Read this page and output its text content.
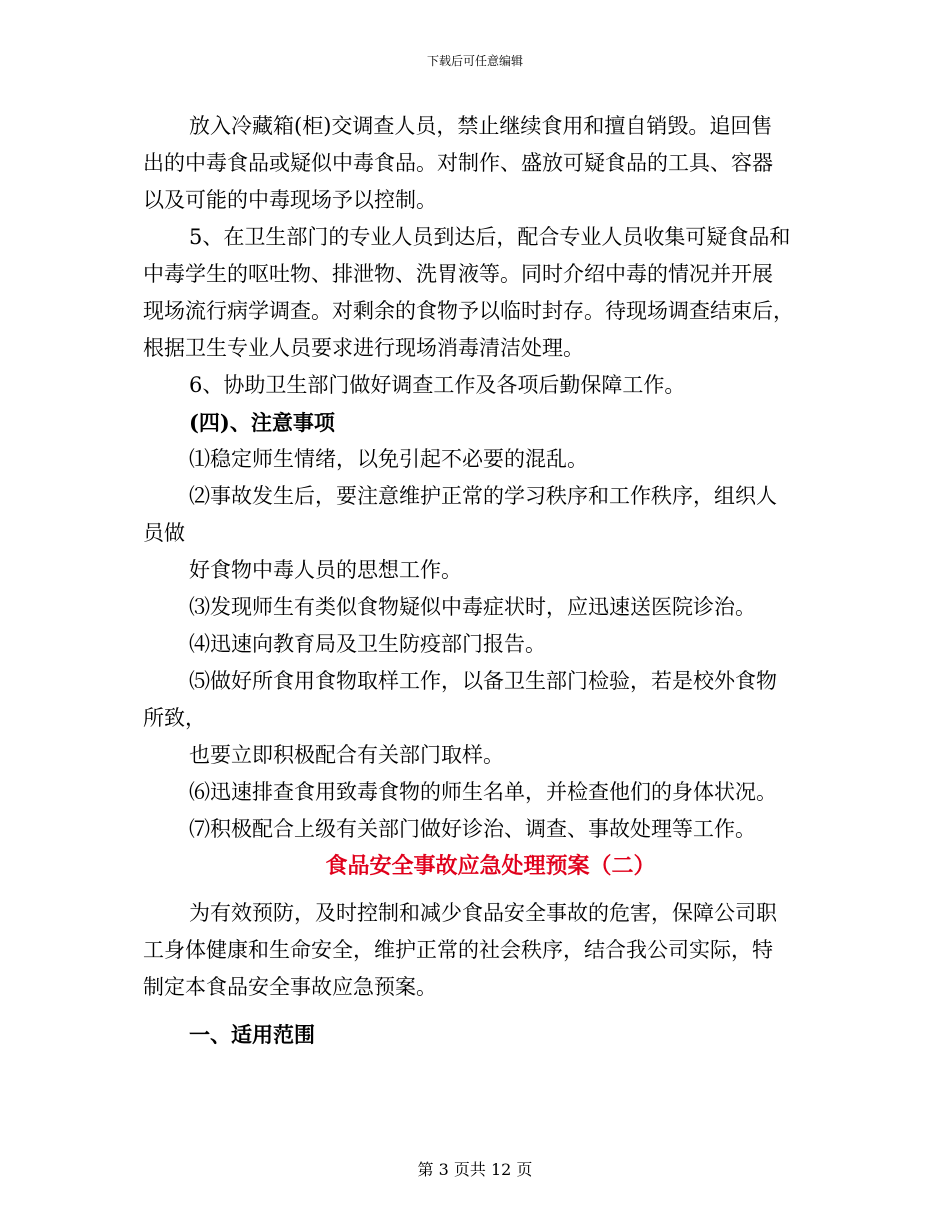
下载后可任意编辑
放入冷藏箱(柜)交调查人员，禁止继续食用和擅自销毁。追回售
出的中毒食品或疑似中毒食品。对制作、盛放可疑食品的工具、容器
以及可能的中毒现场予以控制。
5、在卫生部门的专业人员到达后，配合专业人员收集可疑食品和
中毒学生的呕吐物、排泄物、洗胃液等。同时介绍中毒的情况并开展
现场流行病学调查。对剩余的食物予以临时封存。待现场调查结束后，
根据卫生专业人员要求进行现场消毒清洁处理。
6、协助卫生部门做好调查工作及各项后勤保障工作。
(四)、注意事项
⑴稳定师生情绪，以免引起不必要的混乱。
⑵事故发生后，要注意维护正常的学习秩序和工作秩序，组织人
员做
好食物中毒人员的思想工作。
⑶发现师生有类似食物疑似中毒症状时，应迅速送医院诊治。
⑷迅速向教育局及卫生防疫部门报告。
⑸做好所食用食物取样工作，以备卫生部门检验，若是校外食物
所致，
也要立即积极配合有关部门取样。
⑹迅速排查食用致毒食物的师生名单，并检查他们的身体状况。
⑺积极配合上级有关部门做好诊治、调查、事故处理等工作。
食品安全事故应急处理预案（二）
为有效预防，及时控制和减少食品安全事故的危害，保障公司职
工身体健康和生命安全，维护正常的社会秩序，结合我公司实际，特
制定本食品安全事故应急预案。
一、适用范围
第 3 页共 12 页
